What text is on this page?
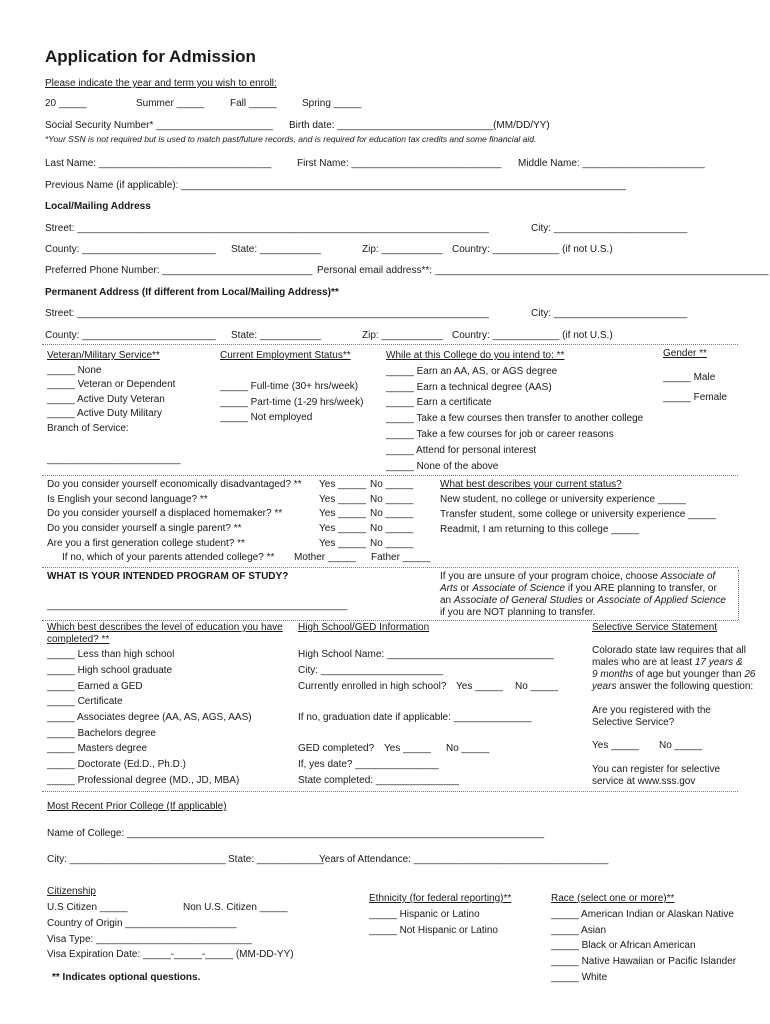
Application for Admission
Please indicate the year and term you wish to enroll:
20 _____	Summer _____	Fall _____	Spring _____
Social Security Number* _____________________ Birth date: ____________________________(MM/DD/YY)
*Your SSN is not required but is used to match past/future records, and is required for education tax credits and some financial aid.
Last Name: _______________________________	First Name: ___________________________ Middle Name: ______________________
Previous Name (if applicable): ________________________________________________________________________________
Local/Mailing Address
Street: __________________________________________________________________________	City: ________________________
County: ________________________ State: ___________	Zip: ___________ Country: ____________ (if not U.S.)
Preferred Phone Number: ___________________________ Personal email address**: ____________________________________________________________
Permanent Address (If different from Local/Mailing Address)**
Street: __________________________________________________________________________	City: ________________________
County: ________________________ State: ___________	Zip: ___________ Country: ____________ (if not U.S.)
Veteran/Military Service**
_____ None
_____ Veteran or Dependent
_____ Active Duty Veteran
_____ Active Duty Military
Branch of Service:
________________________
Current Employment Status**
_____ Full-time (30+ hrs/week)
_____ Part-time (1-29 hrs/week)
_____ Not employed
While at this College do you intend to: **
_____ Earn an AA, AS, or AGS degree
_____ Earn a technical degree (AAS)
_____ Earn a certificate
_____ Take a few courses then transfer to another college
_____ Take a few courses for job or career reasons
_____ Attend for personal interest
_____ None of the above
Gender **
_____ Male
_____ Female
Do you consider yourself economically disadvantaged? ** Yes _____ No _____
Is English your second language? **	Yes _____ No _____
Do you consider yourself a displaced homemaker? **	Yes _____ No _____
Do you consider yourself a single parent? **	Yes _____ No _____
Are you a first generation college student? **	Yes _____ No _____
If no, which of your parents attended college? ** Mother _____ Father _____
What best describes your current status?
New student, no college or university experience _____
Transfer student, some college or university experience _____
Readmit, I am returning to this college _____
WHAT IS YOUR INTENDED PROGRAM OF STUDY?
______________________________________________________
If you are unsure of your program choice, choose Associate of
Arts or Associate of Science if you ARE planning to transfer, or
an Associate of General Studies or Associate of Applied Science
if you are NOT planning to transfer.
Which best describes the level of education you have
completed? **
_____ Less than high school
_____ High school graduate
_____ Earned a GED
_____ Certificate
_____ Associates degree (AA, AS, AGS, AAS)
_____ Bachelors degree
_____ Masters degree
_____ Doctorate (Ed.D., Ph.D.)
_____ Professional degree (MD., JD, MBA)
High School/GED Information
High School Name: ______________________________
City: ______________________
Currently enrolled in high school? Yes _____ No _____
If no, graduation date if applicable: ______________
GED completed? Yes _____ No _____
If, yes date? _______________
State completed: _______________
Selective Service Statement
Colorado state law requires that all
males who are at least 17 years &
9 months of age but younger than 26
years answer the following question:
Are you registered with the
Selective Service?
Yes _____ No _____
You can register for selective
service at www.sss.gov
Most Recent Prior College (If applicable)
Name of College: ___________________________________________________________________________
City: ____________________________ State: ____________
Years of Attendance: ___________________________________
Citizenship
U.S Citizen _____	Non U.S. Citizen _____
Country of Origin ____________________
Visa Type: ____________________________
Visa Expiration Date: _____-_____-_____ (MM-DD-YY)
Ethnicity (for federal reporting)**
_____ Hispanic or Latino
_____ Not Hispanic or Latino
Race (select one or more)**
_____ American Indian or Alaskan Native
_____ Asian
_____ Black or African American
_____ Native Hawaiian or Pacific Islander
_____ White
** Indicates optional questions.
